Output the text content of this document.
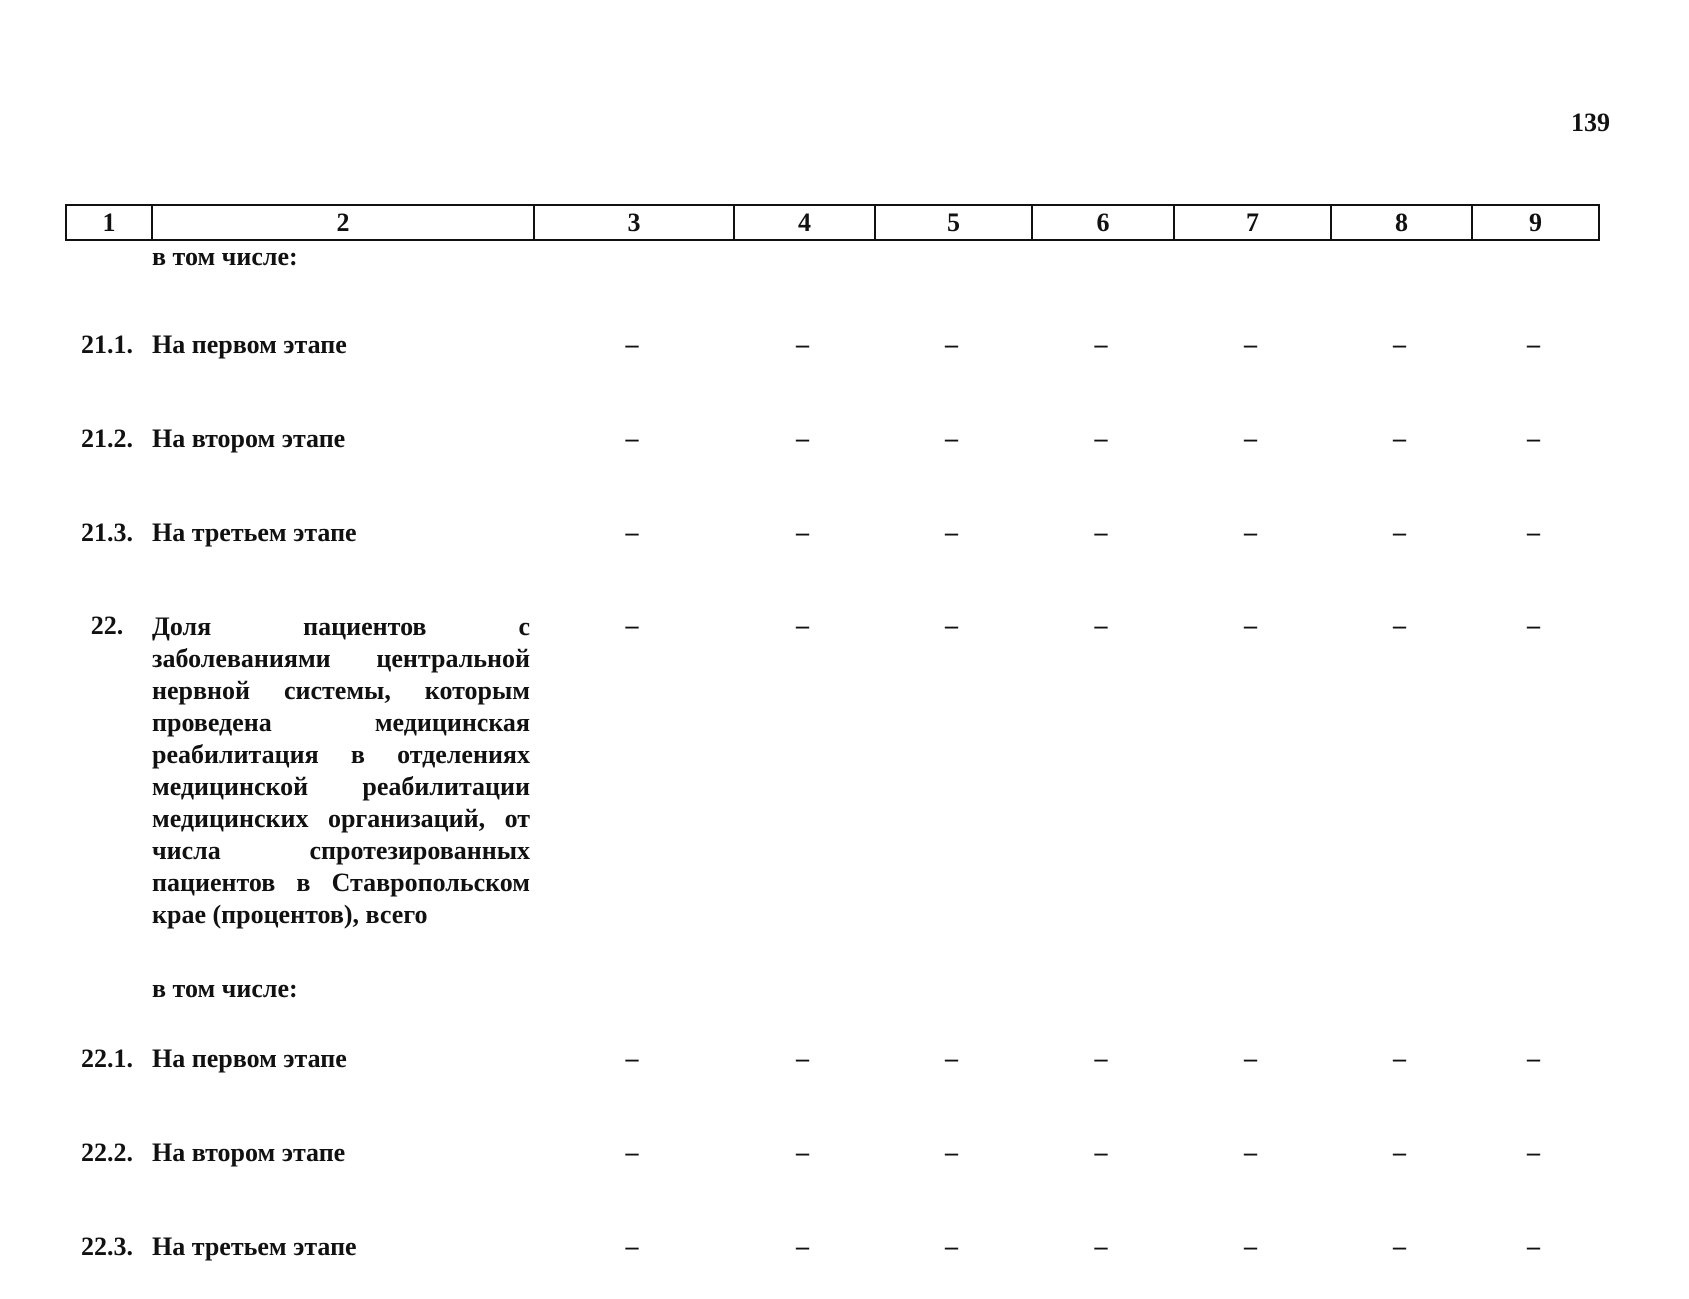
139
1	2	3	4	5	6	7	8	9
	в том числе:							
21.1.	На первом этапе	–	–	–	–	–	–	–
21.2.	На втором этапе	–	–	–	–	–	–	–
21.3.	На третьем этапе	–	–	–	–	–	–	–
22.	Доля пациентов с заболеваниями центральной нервной системы, которым проведена медицинская реабилитация в отделениях медицинской реабилитации медицинских организаций, от числа спротезированных пациентов в Ставропольском крае (процентов), всего	–	–	–	–	–	–	–
	в том числе:							
22.1.	На первом этапе	–	–	–	–	–	–	–
22.2.	На втором этапе	–	–	–	–	–	–	–
22.3.	На третьем этапе	–	–	–	–	–	–	–
